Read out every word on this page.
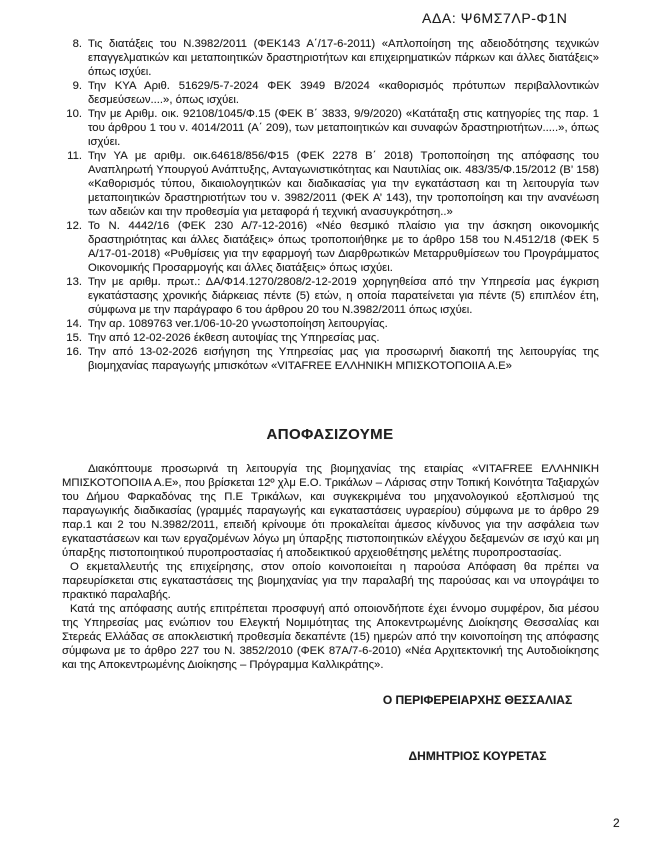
ΑΔΑ: Ψ6ΜΣ7ΛΡ-Φ1Ν
8. Τις διατάξεις του Ν.3982/2011 (ΦΕΚ143 Α΄/17-6-2011) «Απλοποίηση της αδειοδότησης τεχνικών επαγγελματικών και μεταποιητικών δραστηριοτήτων και επιχειρηματικών πάρκων και άλλες διατάξεις» όπως ισχύει.
9. Την ΚΥΑ Αριθ. 51629/5-7-2024 ΦΕΚ 3949 Β/2024 «καθορισμός πρότυπων περιβαλλοντικών δεσμεύσεων....», όπως ισχύει.
10. Την με Αριθμ. οικ. 92108/1045/Φ.15 (ΦΕΚ Β΄ 3833, 9/9/2020) «Κατάταξη στις κατηγορίες της παρ. 1 του άρθρου 1 του ν. 4014/2011 (Α΄ 209), των μεταποιητικών και συναφών δραστηριοτήτων.....», όπως ισχύει.
11. Την ΥΑ με αριθμ. οικ.64618/856/Φ15 (ΦΕΚ 2278 Β΄ 2018) Τροποποίηση της απόφασης του Αναπληρωτή Υπουργού Ανάπτυξης, Ανταγωνιστικότητας και Ναυτιλίας οικ. 483/35/Φ.15/2012 (Β’ 158) «Καθορισμός τύπου, δικαιολογητικών και διαδικασίας για την εγκατάσταση και τη λειτουργία των μεταποιητικών δραστηριοτήτων του ν. 3982/2011 (ΦΕΚ Α’ 143), την τροποποίηση και την ανανέωση των αδειών και την προθεσμία για μεταφορά ή τεχνική ανασυγκρότηση..»
12. Το Ν. 4442/16 (ΦΕΚ 230 Α/7-12-2016) «Νέο θεσμικό πλαίσιο για την άσκηση οικονομικής δραστηριότητας και άλλες διατάξεις» όπως τροποποιήθηκε με το άρθρο 158 του Ν.4512/18 (ΦΕΚ 5 Α/17-01-2018) «Ρυθμίσεις για την εφαρμογή των Διαρθρωτικών Μεταρρυθμίσεων του Προγράμματος Οικονομικής Προσαρμογής και άλλες διατάξεις» όπως ισχύει.
13. Την με αριθμ. πρωτ.: ΔΑ/Φ14.1270/2808/2-12-2019 χορηγηθείσα από την Υπηρεσία μας έγκριση εγκατάστασης χρονικής διάρκειας πέντε (5) ετών, η οποία παρατείνεται για πέντε (5) επιπλέον έτη, σύμφωνα με την παράγραφο 6 του άρθρου 20 του Ν.3982/2011 όπως ισχύει.
14. Την αρ. 1089763 ver.1/06-10-20 γνωστοποίηση λειτουργίας.
15. Την από 12-02-2026 έκθεση αυτοψίας της Υπηρεσίας μας.
16. Την από 13-02-2026 εισήγηση της Υπηρεσίας μας για προσωρινή διακοπή της λειτουργίας της βιομηχανίας παραγωγής μπισκότων «VITAFREE ΕΛΛΗΝΙΚΗ ΜΠΙΣΚΟΤΟΠΟΙΙΑ Α.Ε»
ΑΠΟΦΑΣΙΖΟΥΜΕ

Διακόπτουμε προσωρινά τη λειτουργία της βιομηχανίας της εταιρίας «VITAFREE ΕΛΛΗΝΙΚΗ ΜΠΙΣΚΟΤΟΠΟΙΙΑ Α.Ε», που βρίσκεται 12º χλμ Ε.Ο. Τρικάλων – Λάρισας στην Τοπική Κοινότητα Ταξιαρχών του Δήμου Φαρκαδόνας της Π.Ε Τρικάλων, και συγκεκριμένα του μηχανολογικού εξοπλισμού της παραγωγικής διαδικασίας (γραμμές παραγωγής και εγκαταστάσεις υγραερίου) σύμφωνα με το άρθρο 29 παρ.1 και 2 του Ν.3982/2011, επειδή κρίνουμε ότι προκαλείται άμεσος κίνδυνος για την ασφάλεια των εγκαταστάσεων και των εργαζομένων λόγω μη ύπαρξης πιστοποιητικών ελέγχου δεξαμενών σε ισχύ και μη ύπαρξης πιστοποιητικού πυροπροστασίας ή αποδεικτικού αρχειοθέτησης μελέτης πυροπροστασίας.

Ο εκμεταλλευτής της επιχείρησης, στον οποίο κοινοποιείται η παρούσα Απόφαση θα πρέπει να παρευρίσκεται στις εγκαταστάσεις της βιομηχανίας για την παραλαβή της παρούσας και να υπογράψει το πρακτικό παραλαβής.

Κατά της απόφασης αυτής επιτρέπεται προσφυγή από οποιονδήποτε έχει έννομο συμφέρον, δια μέσου της Υπηρεσίας μας ενώπιον του Ελεγκτή Νομιμότητας της Αποκεντρωμένης Διοίκησης Θεσσαλίας και Στερεάς Ελλάδας σε αποκλειστική προθεσμία δεκαπέντε (15) ημερών από την κοινοποίηση της απόφασης σύμφωνα με το άρθρο 227 του Ν. 3852/2010 (ΦΕΚ 87Α/7-6-2010) «Νέα Αρχιτεκτονική της Αυτοδιοίκησης και της Αποκεντρωμένης Διοίκησης – Πρόγραμμα Καλλικράτης».

Ο ΠΕΡΙΦΕΡΕΙΑΡΧΗΣ ΘΕΣΣΑΛΙΑΣ
ΔΗΜΗΤΡΙΟΣ ΚΟΥΡΕΤΑΣ
2
